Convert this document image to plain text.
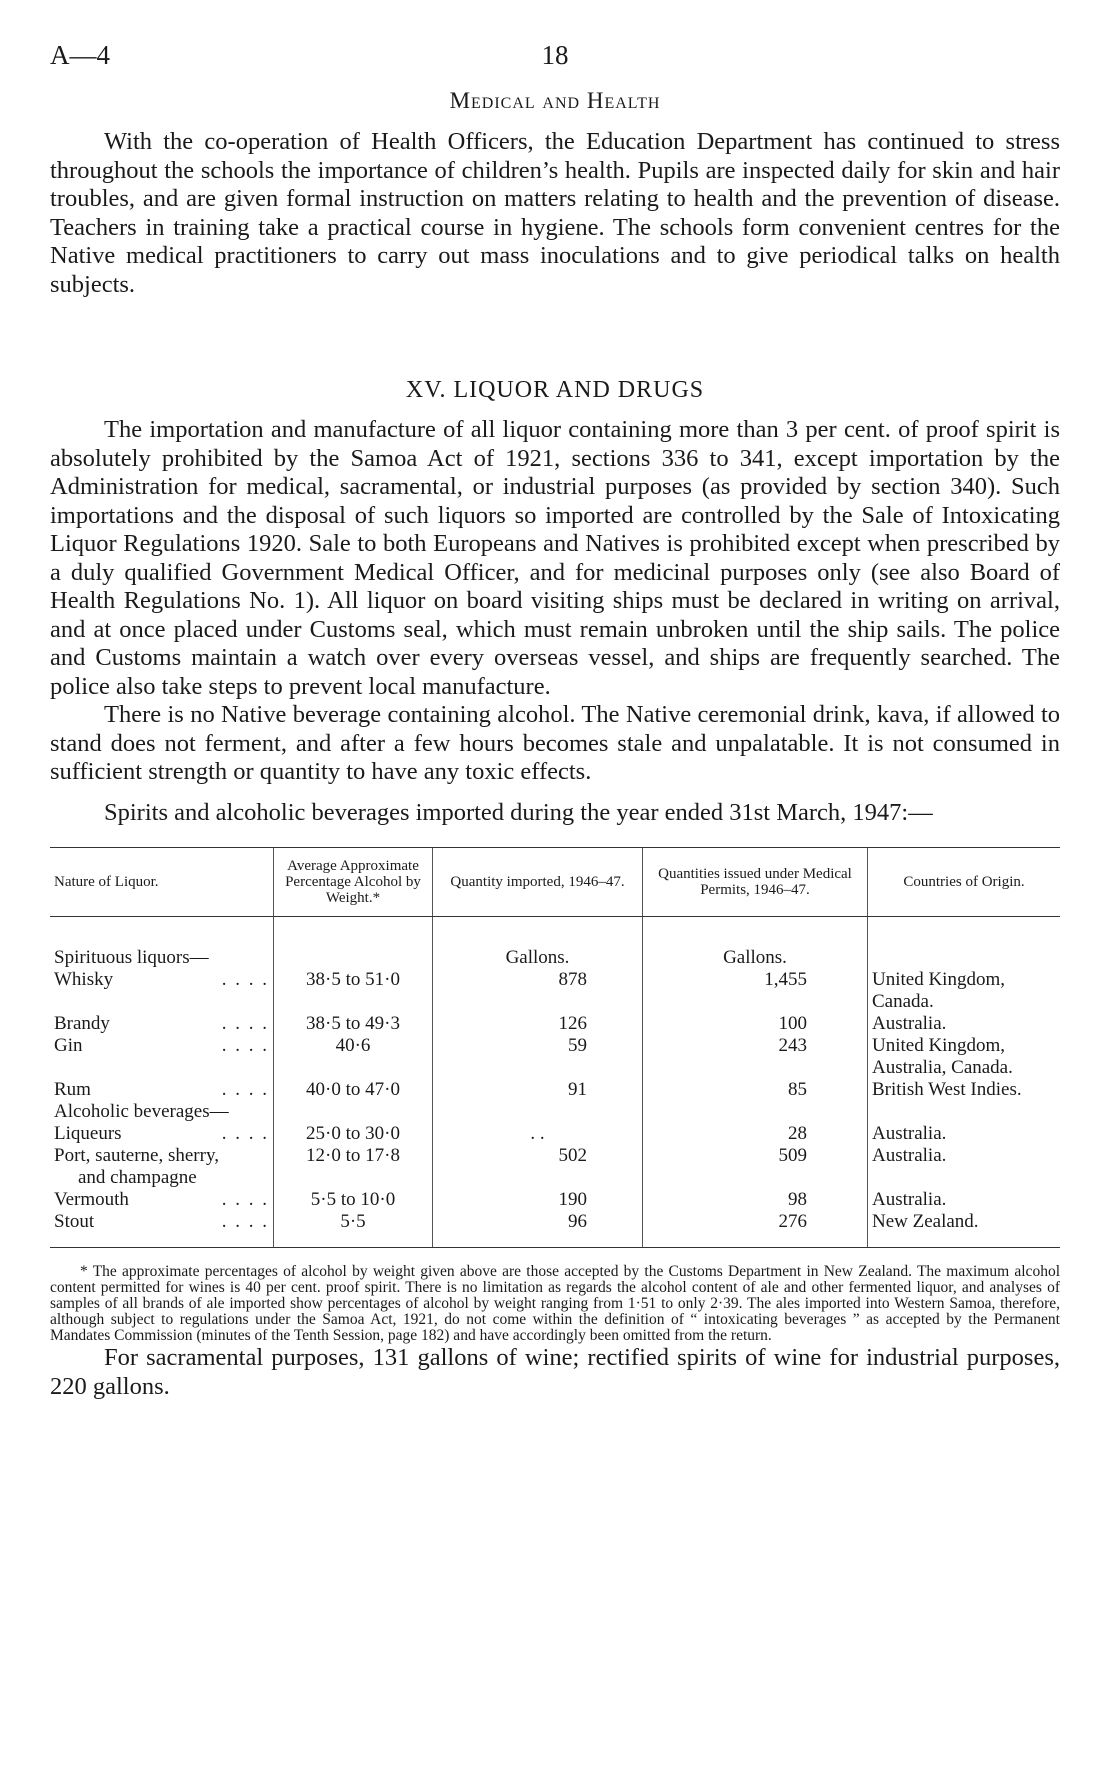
A—4	18
Medical and Health

With the co-operation of Health Officers, the Education Department has continued to stress throughout the schools the importance of children’s health. Pupils are inspected daily for skin and hair troubles, and are given formal instruction on matters relating to health and the prevention of disease. Teachers in training take a practical course in hygiene. The schools form convenient centres for the Native medical practitioners to carry out mass inoculations and to give periodical talks on health subjects.

XV. LIQUOR AND DRUGS

The importation and manufacture of all liquor containing more than 3 per cent. of proof spirit is absolutely prohibited by the Samoa Act of 1921, sections 336 to 341, except importation by the Administration for medical, sacramental, or industrial purposes (as provided by section 340). Such importations and the disposal of such liquors so imported are controlled by the Sale of Intoxicating Liquor Regulations 1920. Sale to both Europeans and Natives is prohibited except when prescribed by a duly qualified Government Medical Officer, and for medicinal purposes only (see also Board of Health Regulations No. 1). All liquor on board visiting ships must be declared in writing on arrival, and at once placed under Customs seal, which must remain unbroken until the ship sails. The police and Customs maintain a watch over every overseas vessel, and ships are frequently searched. The police also take steps to prevent local manufacture.

There is no Native beverage containing alcohol. The Native ceremonial drink, kava, if allowed to stand does not ferment, and after a few hours becomes stale and unpalatable. It is not consumed in sufficient strength or quantity to have any toxic effects.

Spirits and alcoholic beverages imported during the year ended 31st March, 1947:—

Nature of Liquor.	Average Approximate Percentage Alcohol by Weight.*	Quantity imported, 1946–47.	Quantities issued under Medical Permits, 1946–47.	Countries of Origin.

Spirituous liquors—		Gallons.	Gallons.	

Whisky . . . .	38·5 to 51·0	878	1,455	United Kingdom, Canada.

Brandy . . . .	38·5 to 49·3	126	100	Australia.

Gin . . . .	40·6	59	243	United Kingdom, Australia, Canada.

Rum . . . .	40·0 to 47·0	91	85	British West Indies.
Alcoholic beverages—				

Liqueurs . . . .	25·0 to 30·0	. .	28	Australia.

Port, sauterne, sherry,
and champagne	12·0 to 17·8	502	509	Australia.

Vermouth . . . .	5·5 to 10·0	190	98	Australia.

Stout . . . .	5·5	96	276	New Zealand.
* The approximate percentages of alcohol by weight given above are those accepted by the Customs Department in New Zealand. The maximum alcohol content permitted for wines is 40 per cent. proof spirit. There is no limitation as regards the alcohol content of ale and other fermented liquor, and analyses of samples of all brands of ale imported show percentages of alcohol by weight ranging from 1·51 to only 2·39. The ales imported into Western Samoa, therefore, although subject to regulations under the Samoa Act, 1921, do not come within the definition of “ intoxicating beverages ” as accepted by the Permanent Mandates Commission (minutes of the Tenth Session, page 182) and have accordingly been omitted from the return.

For sacramental purposes, 131 gallons of wine; rectified spirits of wine for industrial purposes, 220 gallons.
